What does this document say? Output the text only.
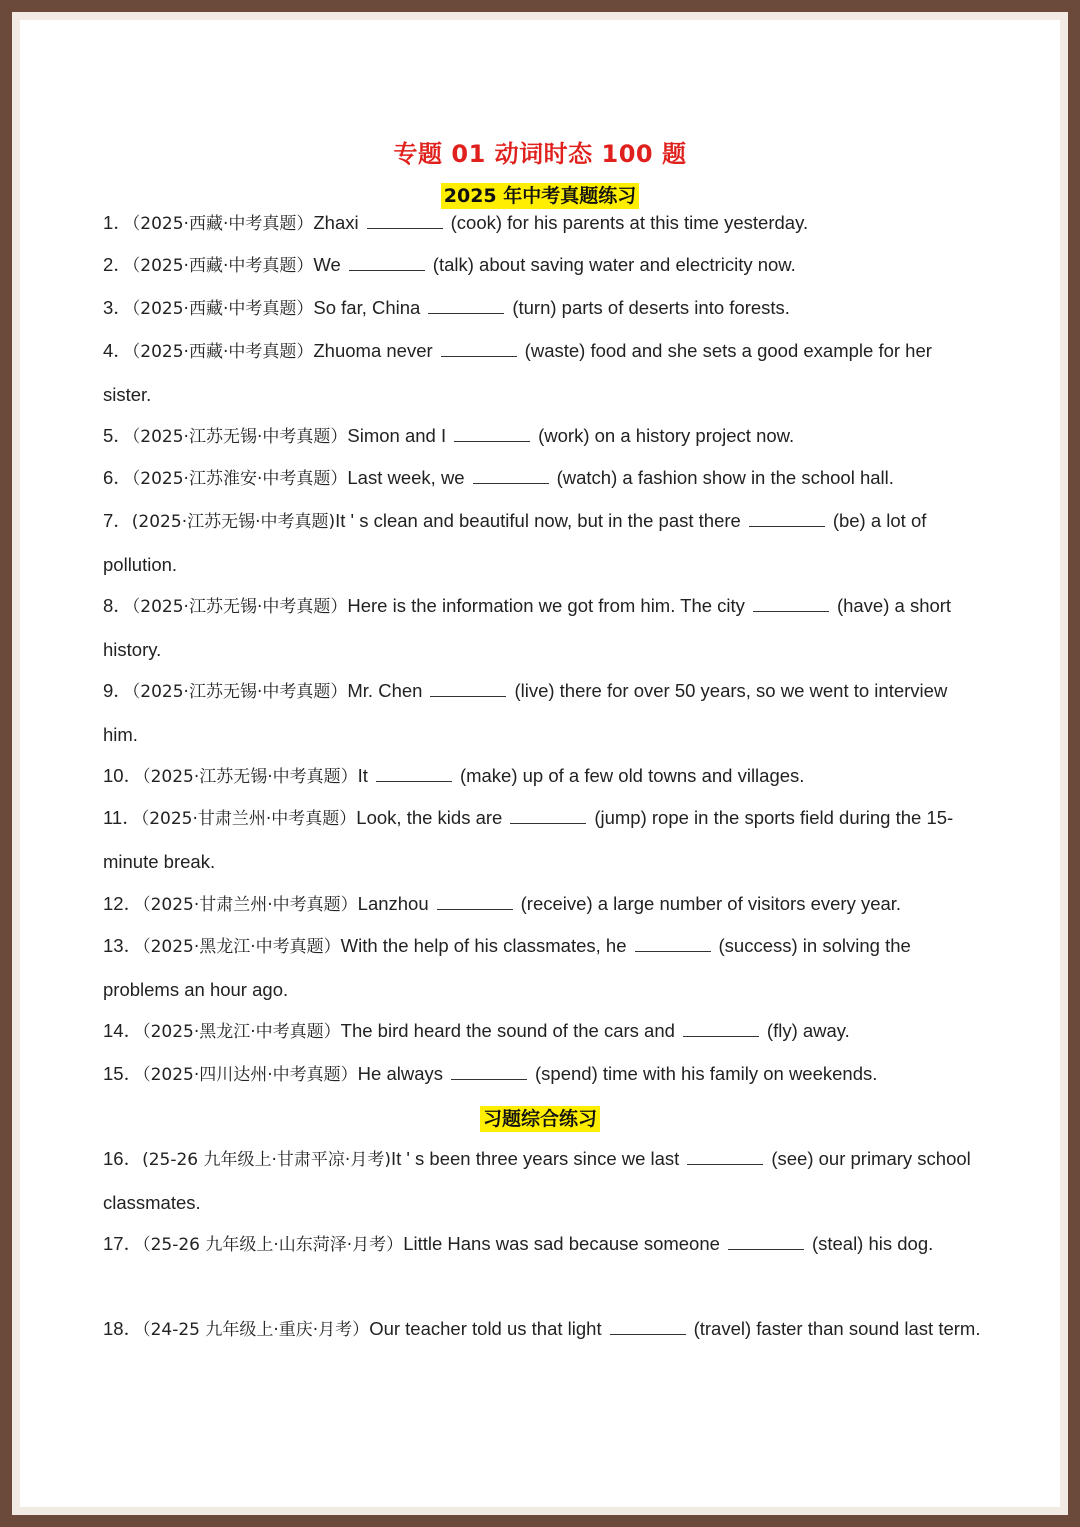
专题 01 动词时态 100 题
2025 年中考真题练习
1．（2025·西藏·中考真题）Zhaxi	(cook) for his parents at this time yesterday.
2．（2025·西藏·中考真题）We	(talk) about saving water and electricity now.
3．（2025·西藏·中考真题）So far, China	(turn) parts of deserts into forests.
4．（2025·西藏·中考真题）Zhuoma never	(waste) food and she sets a good example for her sister.
5．（2025·江苏无锡·中考真题）Simon and I	(work) on a history project now.
6．（2025·江苏淮安·中考真题）Last week, we	(watch) a fashion show in the school hall.
7．(2025·江苏无锡·中考真题)It ' s clean and beautiful now, but in the past there	(be) a lot of pollution.
8．（2025·江苏无锡·中考真题）Here is the information we got from him. The city	(have) a short history.
9．（2025·江苏无锡·中考真题）Mr. Chen	(live) there for over 50 years, so we went to interview him.
10．（2025·江苏无锡·中考真题）It	(make) up of a few old towns and villages.
11．（2025·甘肃兰州·中考真题）Look, the kids are	(jump) rope in the sports field during the 15-minute break.
12．（2025·甘肃兰州·中考真题）Lanzhou	(receive) a large number of visitors every year.
13．（2025·黑龙江·中考真题）With the help of his classmates, he	(success) in solving the problems an hour ago.
14．（2025·黑龙江·中考真题）The bird heard the sound of the cars and	(fly) away.
15．（2025·四川达州·中考真题）He always	(spend) time with his family on weekends.
习题综合练习
16．(25-26 九年级上·甘肃平凉·月考)It ' s been three years since we last	(see) our primary school classmates.
17．（25-26 九年级上·山东菏泽·月考）Little Hans was sad because someone	(steal) his dog.
18．（24-25 九年级上·重庆·月考）Our teacher told us that light	(travel) faster than sound last term.
